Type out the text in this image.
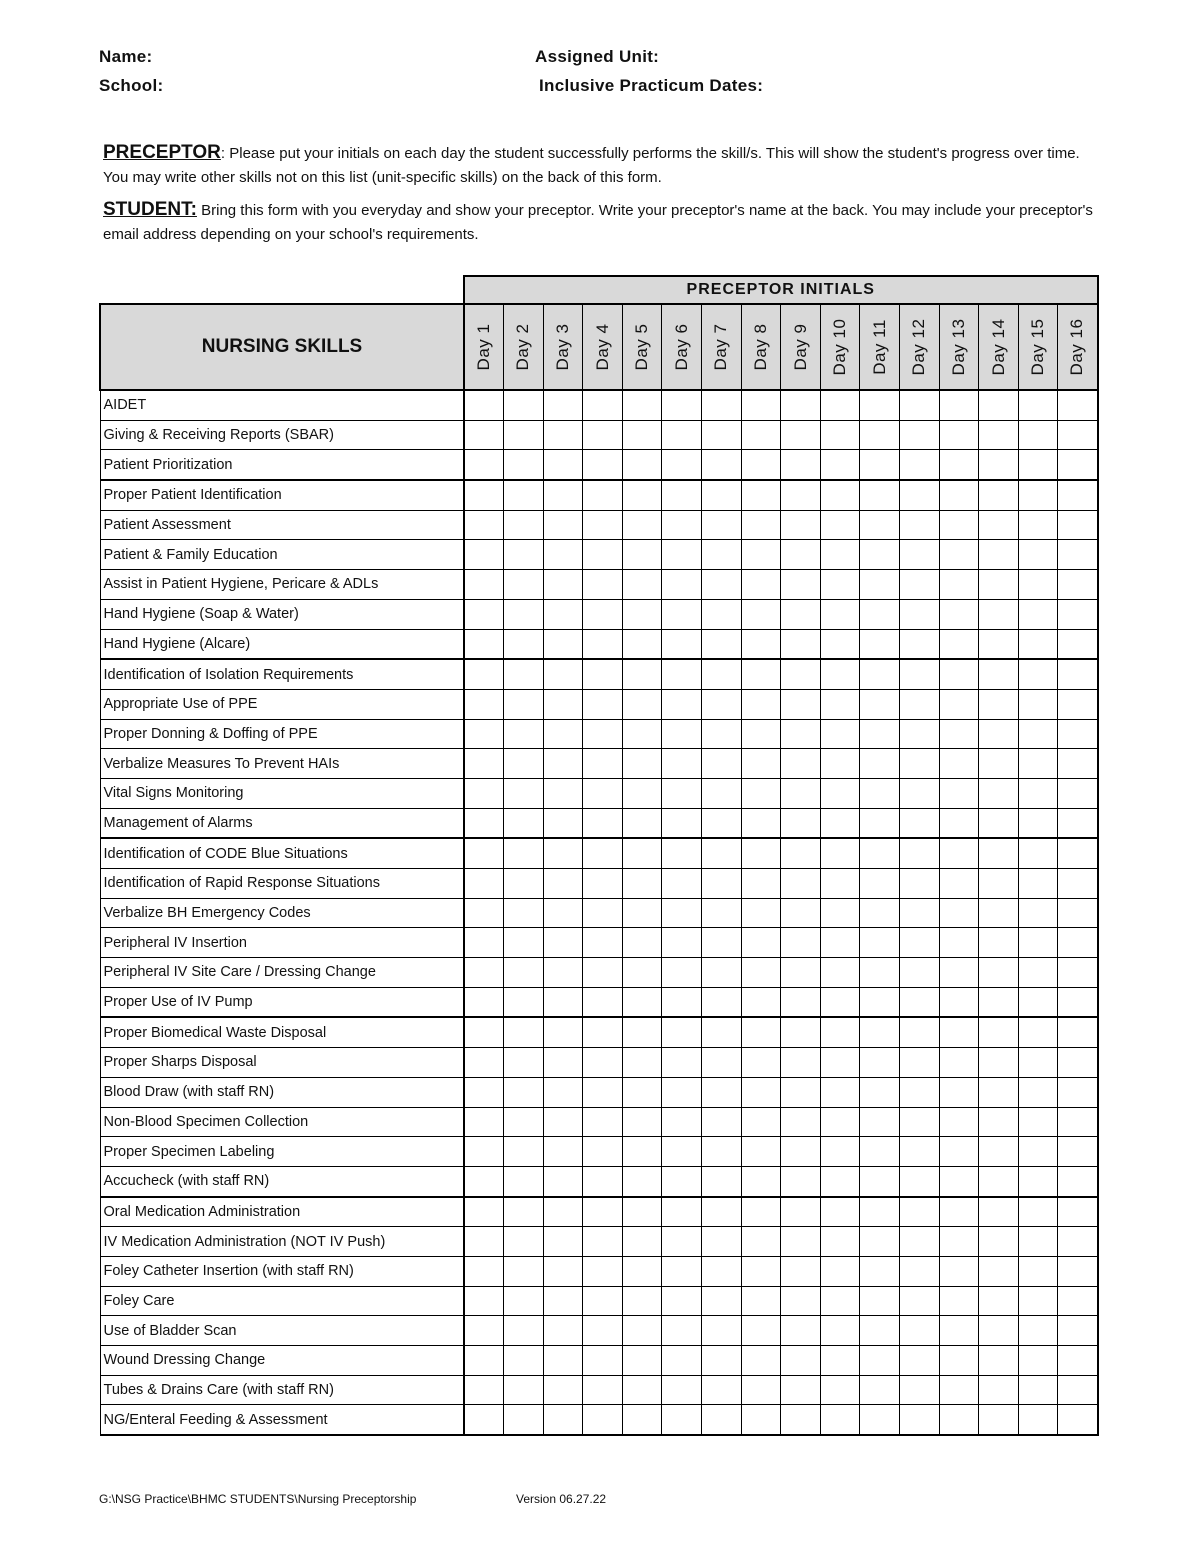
Name:
School:
Assigned Unit:
Inclusive Practicum Dates:
PRECEPTOR: Please put your initials on each day the student successfully performs the skill/s. This will show the student's progress over time. You may write other skills not on this list (unit-specific skills) on the back of this form.
STUDENT: Bring this form with you everyday and show your preceptor. Write your preceptor's name at the back. You may include your preceptor's email address depending on your school's requirements.
	PRECEPTOR INITIALS															
NURSING SKILLS	Day 1	Day 2	Day 3	Day 4	Day 5	Day 6	Day 7	Day 8	Day 9	Day 10	Day 11	Day 12	Day 13	Day 14	Day 15	Day 16

AIDET																
Giving & Receiving Reports (SBAR)																
Patient Prioritization																
Proper Patient Identification																
Patient Assessment																
Patient & Family Education																
Assist in Patient Hygiene, Pericare & ADLs																
Hand Hygiene (Soap & Water)																
Hand Hygiene (Alcare)																
Identification of Isolation Requirements																
Appropriate Use of PPE																
Proper Donning & Doffing of PPE																
Verbalize Measures To Prevent HAIs																
Vital Signs Monitoring																
Management of Alarms																
Identification of CODE Blue Situations																
Identification of Rapid Response Situations																
Verbalize BH Emergency Codes																
Peripheral IV Insertion																
Peripheral IV Site Care / Dressing Change																
Proper Use of IV Pump																
Proper Biomedical Waste Disposal																
Proper Sharps Disposal																
Blood Draw (with staff RN)																
Non-Blood Specimen Collection																
Proper Specimen Labeling																
Accucheck (with staff RN)																
Oral Medication Administration																
IV Medication Administration (NOT IV Push)																
Foley Catheter Insertion (with staff RN)																
Foley Care																
Use of Bladder Scan																
Wound Dressing Change																
Tubes & Drains Care (with staff RN)																
NG/Enteral Feeding & Assessment																
G:\NSG Practice\BHMC STUDENTS\Nursing Preceptorship	Version 06.27.22
